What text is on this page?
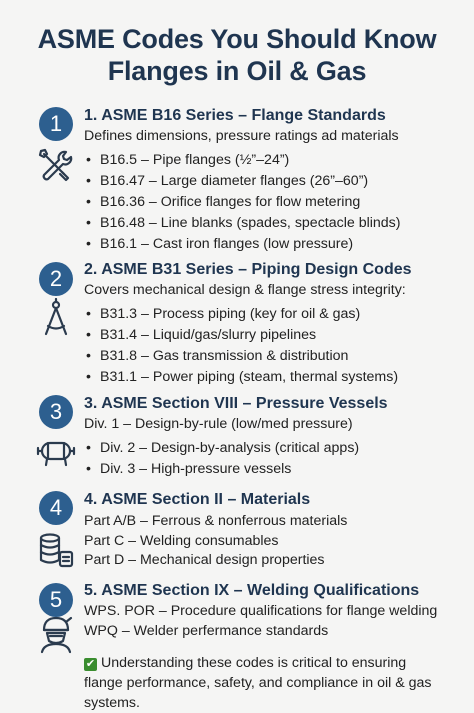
ASME Codes You Should Know
Flanges in Oil & Gas
1	1. ASME B16 Series – Flange Standards
Defines dimensions, pressure ratings ad materials
• B16.5 – Pipe flanges (½”–24”)
• B16.47 – Large diameter flanges (26”–60”)
• B16.36 – Orifice flanges for flow metering
• B16.48 – Line blanks (spades, spectacle blinds)
• B16.1 – Cast iron flanges (low pressure)
2	2. ASME B31 Series – Piping Design Codes
Covers mechanical design & flange stress integrity:
• B31.3 – Process piping (key for oil & gas)
• B31.4 – Liquid/gas/slurry pipelines
• B31.8 – Gas transmission & distribution
• B31.1 – Power piping (steam, thermal systems)
3	3. ASME Section VIII – Pressure Vessels
Div. 1 – Design-by-rule (low/med pressure)
• Div. 2 – Design-by-analysis (critical apps)
• Div. 3 – High-pressure vessels
4	4. ASME Section II – Materials
Part A/B – Ferrous & nonferrous materials
Part C – Welding consumables
Part D – Mechanical design properties
5	5. ASME Section IX – Welding Qualifications
WPS. POR – Procedure qualifications for flange welding
WPQ – Welder perfermance standards
✔ Understanding these codes is critical to ensuring flange performance, safety, and compliance in oil & gas systems.
